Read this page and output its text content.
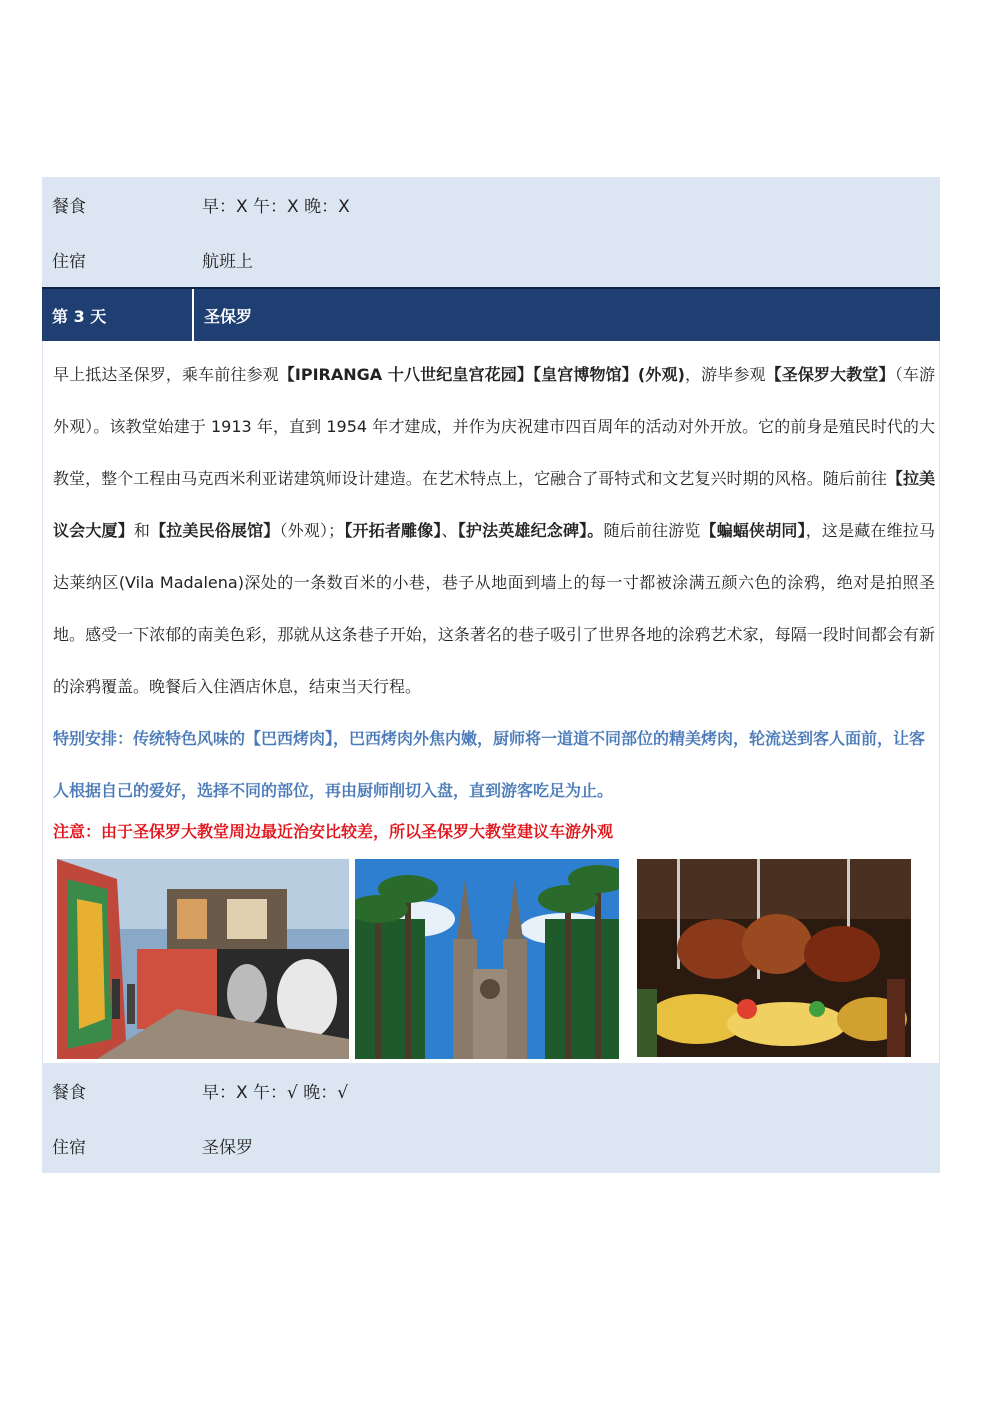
餐食	早：X 午：X 晚：X
住宿	航班上
第 3 天	圣保罗

早上抵达圣保罗，乘车前往参观【IPIRANGA 十八世纪皇宫花园】【皇宫博物馆】(外观)，游毕参观【圣保罗大教堂】（车游外观）。该教堂始建于 1913 年，直到 1954 年才建成，并作为庆祝建市四百周年的活动对外开放。它的前身是殖民时代的大教堂，整个工程由马克西米利亚诺建筑师设计建造。在艺术特点上，它融合了哥特式和文艺复兴时期的风格。随后前往【拉美议会大厦】和【拉美民俗展馆】（外观）；【开拓者雕像】、【护法英雄纪念碑】。随后前往游览【蝙蝠侠胡同】，这是藏在维拉马达莱纳区(Vila Madalena)深处的一条数百米的小巷，巷子从地面到墙上的每一寸都被涂满五颜六色的涂鸦，绝对是拍照圣地。感受一下浓郁的南美色彩，那就从这条巷子开始，这条著名的巷子吸引了世界各地的涂鸦艺术家，每隔一段时间都会有新的涂鸦覆盖。晚餐后入住酒店休息，结束当天行程。

特别安排：传统特色风味的【巴西烤肉】，巴西烤肉外焦内嫩，厨师将一道道不同部位的精美烤肉，轮流送到客人面前，让客人根据自己的爱好，选择不同的部位，再由厨师削切入盘，直到游客吃足为止。

注意：由于圣保罗大教堂周边最近治安比较差，所以圣保罗大教堂建议车游外观

餐食	早：X 午：√ 晚：√
住宿	圣保罗
